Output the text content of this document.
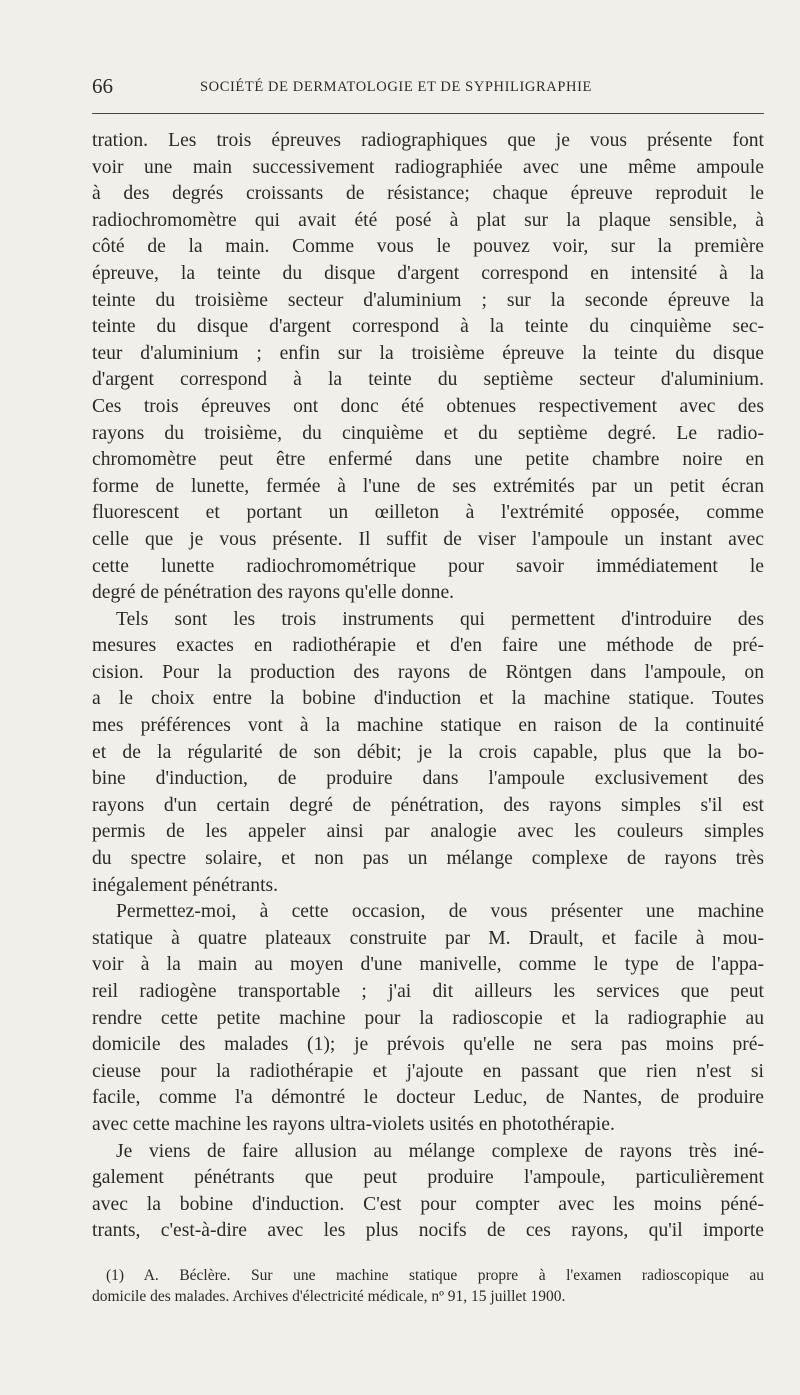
66	SOCIÉTÉ DE DERMATOLOGIE ET DE SYPHILIGRAPHIE
tration. Les trois épreuves radiographiques que je vous présente font
voir une main successivement radiographiée avec une même ampoule
à des degrés croissants de résistance; chaque épreuve reproduit le
radiochromomètre qui avait été posé à plat sur la plaque sensible, à
côté de la main. Comme vous le pouvez voir, sur la première
épreuve, la teinte du disque d'argent correspond en intensité à la
teinte du troisième secteur d'aluminium ; sur la seconde épreuve la
teinte du disque d'argent correspond à la teinte du cinquième sec-
teur d'aluminium ; enfin sur la troisième épreuve la teinte du disque
d'argent correspond à la teinte du septième secteur d'aluminium.
Ces trois épreuves ont donc été obtenues respectivement avec des
rayons du troisième, du cinquième et du septième degré. Le radio-
chromomètre peut être enfermé dans une petite chambre noire en
forme de lunette, fermée à l'une de ses extrémités par un petit écran
fluorescent et portant un œilleton à l'extrémité opposée, comme
celle que je vous présente. Il suffit de viser l'ampoule un instant avec
cette lunette radiochromométrique pour savoir immédiatement le
degré de pénétration des rayons qu'elle donne.
Tels sont les trois instruments qui permettent d'introduire des
mesures exactes en radiothérapie et d'en faire une méthode de pré-
cision. Pour la production des rayons de Röntgen dans l'ampoule, on
a le choix entre la bobine d'induction et la machine statique. Toutes
mes préférences vont à la machine statique en raison de la continuité
et de la régularité de son débit; je la crois capable, plus que la bo-
bine d'induction, de produire dans l'ampoule exclusivement des
rayons d'un certain degré de pénétration, des rayons simples s'il est
permis de les appeler ainsi par analogie avec les couleurs simples
du spectre solaire, et non pas un mélange complexe de rayons très
inégalement pénétrants.
Permettez-moi, à cette occasion, de vous présenter une machine
statique à quatre plateaux construite par M. Drault, et facile à mou-
voir à la main au moyen d'une manivelle, comme le type de l'appa-
reil radiogène transportable ; j'ai dit ailleurs les services que peut
rendre cette petite machine pour la radioscopie et la radiographie au
domicile des malades (1); je prévois qu'elle ne sera pas moins pré-
cieuse pour la radiothérapie et j'ajoute en passant que rien n'est si
facile, comme l'a démontré le docteur Leduc, de Nantes, de produire
avec cette machine les rayons ultra-violets usités en photothérapie.
Je viens de faire allusion au mélange complexe de rayons très iné-
galement pénétrants que peut produire l'ampoule, particulièrement
avec la bobine d'induction. C'est pour compter avec les moins péné-
trants, c'est-à-dire avec les plus nocifs de ces rayons, qu'il importe
(1) A. Béclère. Sur une machine statique propre à l'examen radioscopique au
domicile des malades. Archives d'électricité médicale, nº 91, 15 juillet 1900.
